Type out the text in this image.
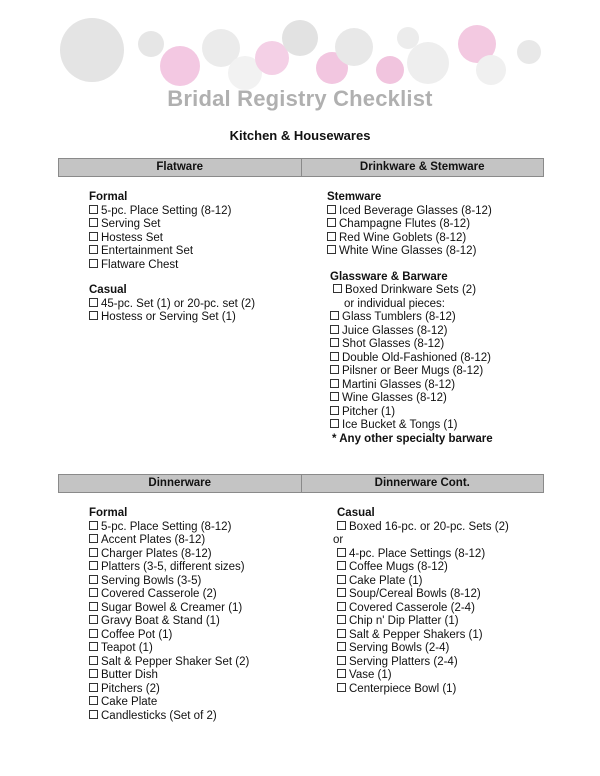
Bridal Registry Checklist
Kitchen & Housewares
Flatware	Drinkware & Stemware
Formal
5-pc. Place Setting (8-12)
Serving Set
Hostess Set
Entertainment Set
Flatware Chest
Casual
45-pc. Set (1) or 20-pc. set (2)
Hostess or Serving Set (1)
Stemware
Iced Beverage Glasses (8-12)
Champagne Flutes (8-12)
Red Wine Goblets (8-12)
White Wine Glasses (8-12)
Glassware & Barware
Boxed Drinkware Sets (2)
or individual pieces:
Glass Tumblers (8-12)
Juice Glasses (8-12)
Shot Glasses (8-12)
Double Old-Fashioned (8-12)
Pilsner or Beer Mugs (8-12)
Martini Glasses (8-12)
Wine Glasses (8-12)
Pitcher (1)
Ice Bucket & Tongs (1)
* Any other specialty barware
Dinnerware	Dinnerware Cont.
Formal
5-pc. Place Setting (8-12)
Accent Plates (8-12)
Charger Plates (8-12)
Platters (3-5, different sizes)
Serving Bowls (3-5)
Covered Casserole (2)
Sugar Bowel & Creamer (1)
Gravy Boat & Stand (1)
Coffee Pot (1)
Teapot (1)
Salt & Pepper Shaker Set (2)
Butter Dish
Pitchers (2)
Cake Plate
Candlesticks (Set of 2)
Casual
Boxed 16-pc. or 20-pc. Sets (2)
or
4-pc. Place Settings (8-12)
Coffee Mugs (8-12)
Cake Plate (1)
Soup/Cereal Bowls (8-12)
Covered Casserole (2-4)
Chip n' Dip Platter (1)
Salt & Pepper Shakers (1)
Serving Bowls (2-4)
Serving Platters (2-4)
Vase (1)
Centerpiece Bowl (1)
